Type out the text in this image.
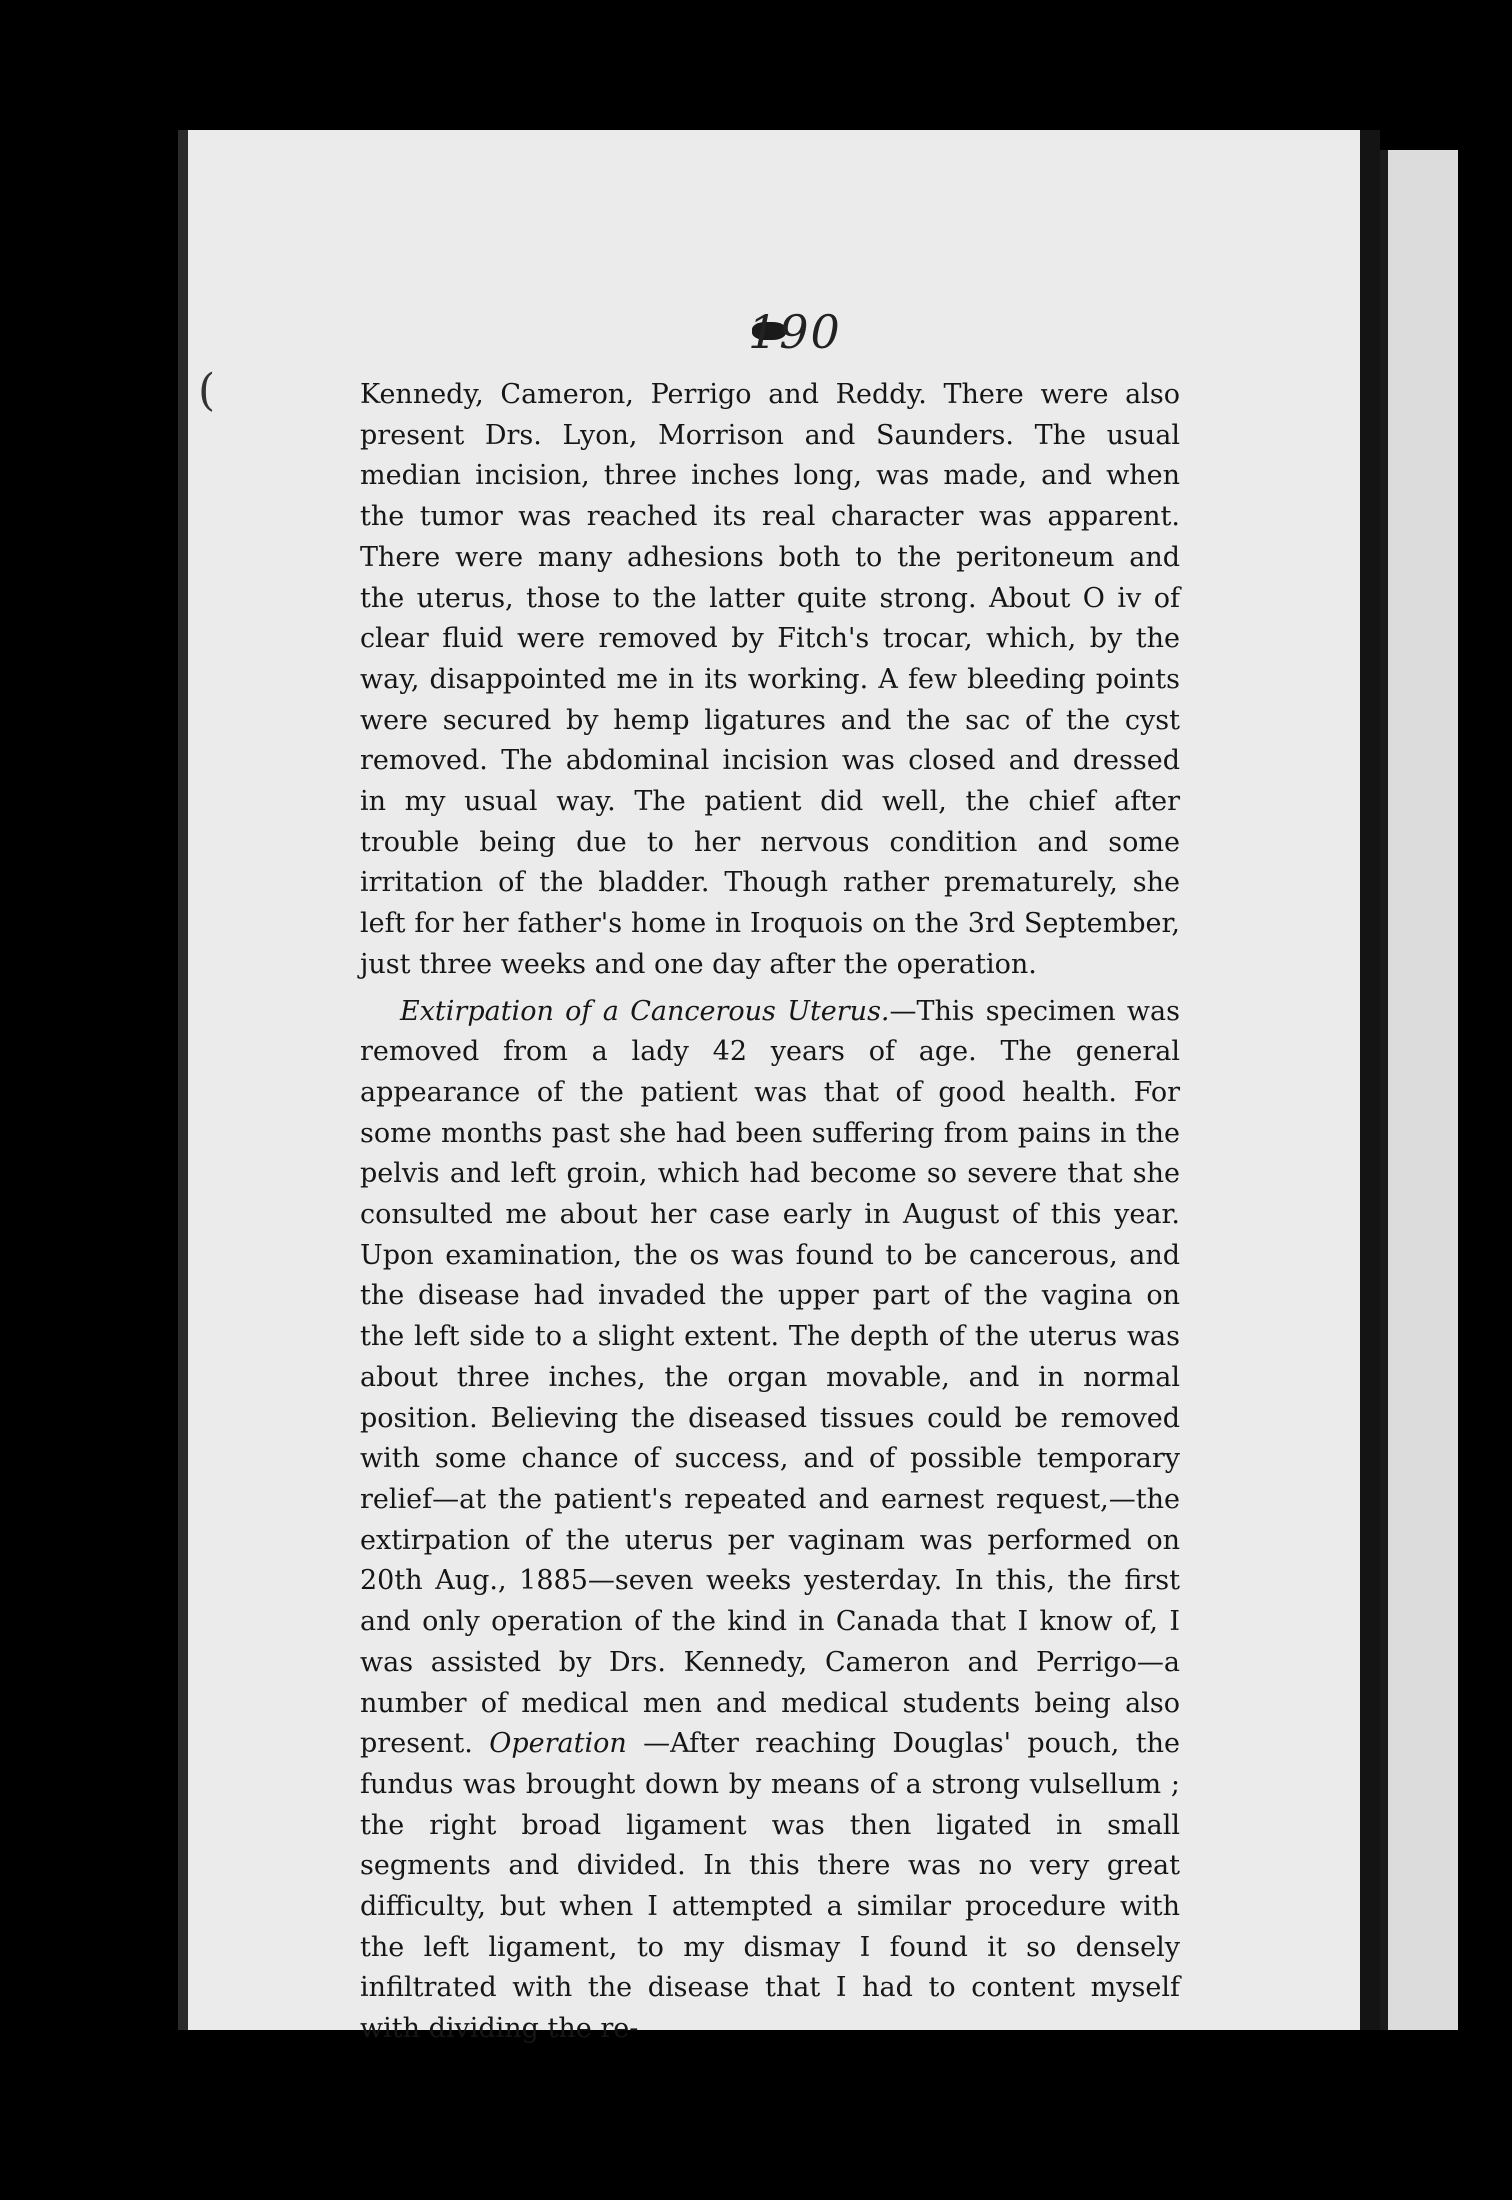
190
(	Kennedy, Cameron, Perrigo and Reddy. There were also present Drs. Lyon, Morrison and Saunders. The usual median incision, three inches long, was made, and when the tumor was reached its real character was apparent. There were many adhesions both to the peritoneum and the uterus, those to the latter quite strong. About O iv of clear fluid were removed by Fitch's trocar, which, by the way, disappointed me in its working. A few bleeding points were secured by hemp ligatures and the sac of the cyst removed. The abdominal incision was closed and dressed in my usual way. The patient did well, the chief after trouble being due to her nervous condition and some irritation of the bladder. Though rather prematurely, she left for her father's home in Iroquois on the 3rd September, just three weeks and one day after the operation.

Extirpation of a Cancerous Uterus.—This specimen was removed from a lady 42 years of age. The general appearance of the patient was that of good health. For some months past she had been suffering from pains in the pelvis and left groin, which had become so severe that she consulted me about her case early in August of this year. Upon examination, the os was found to be cancerous, and the disease had invaded the upper part of the vagina on the left side to a slight extent. The depth of the uterus was about three inches, the organ movable, and in normal position. Believing the diseased tissues could be removed with some chance of success, and of possible temporary relief—at the patient's repeated and earnest request,—the extirpation of the uterus per vaginam was performed on 20th Aug., 1885—seven weeks yesterday. In this, the first and only operation of the kind in Canada that I know of, I was assisted by Drs. Kennedy, Cameron and Perrigo—a number of medical men and medical students being also present. Operation —After reaching Douglas' pouch, the fundus was brought down by means of a strong vulsellum ; the right broad ligament was then ligated in small segments and divided. In this there was no very great difficulty, but when I attempted a similar procedure with the left ligament, to my dismay I found it so densely infiltrated with the disease that I had to content myself with dividing the re-
